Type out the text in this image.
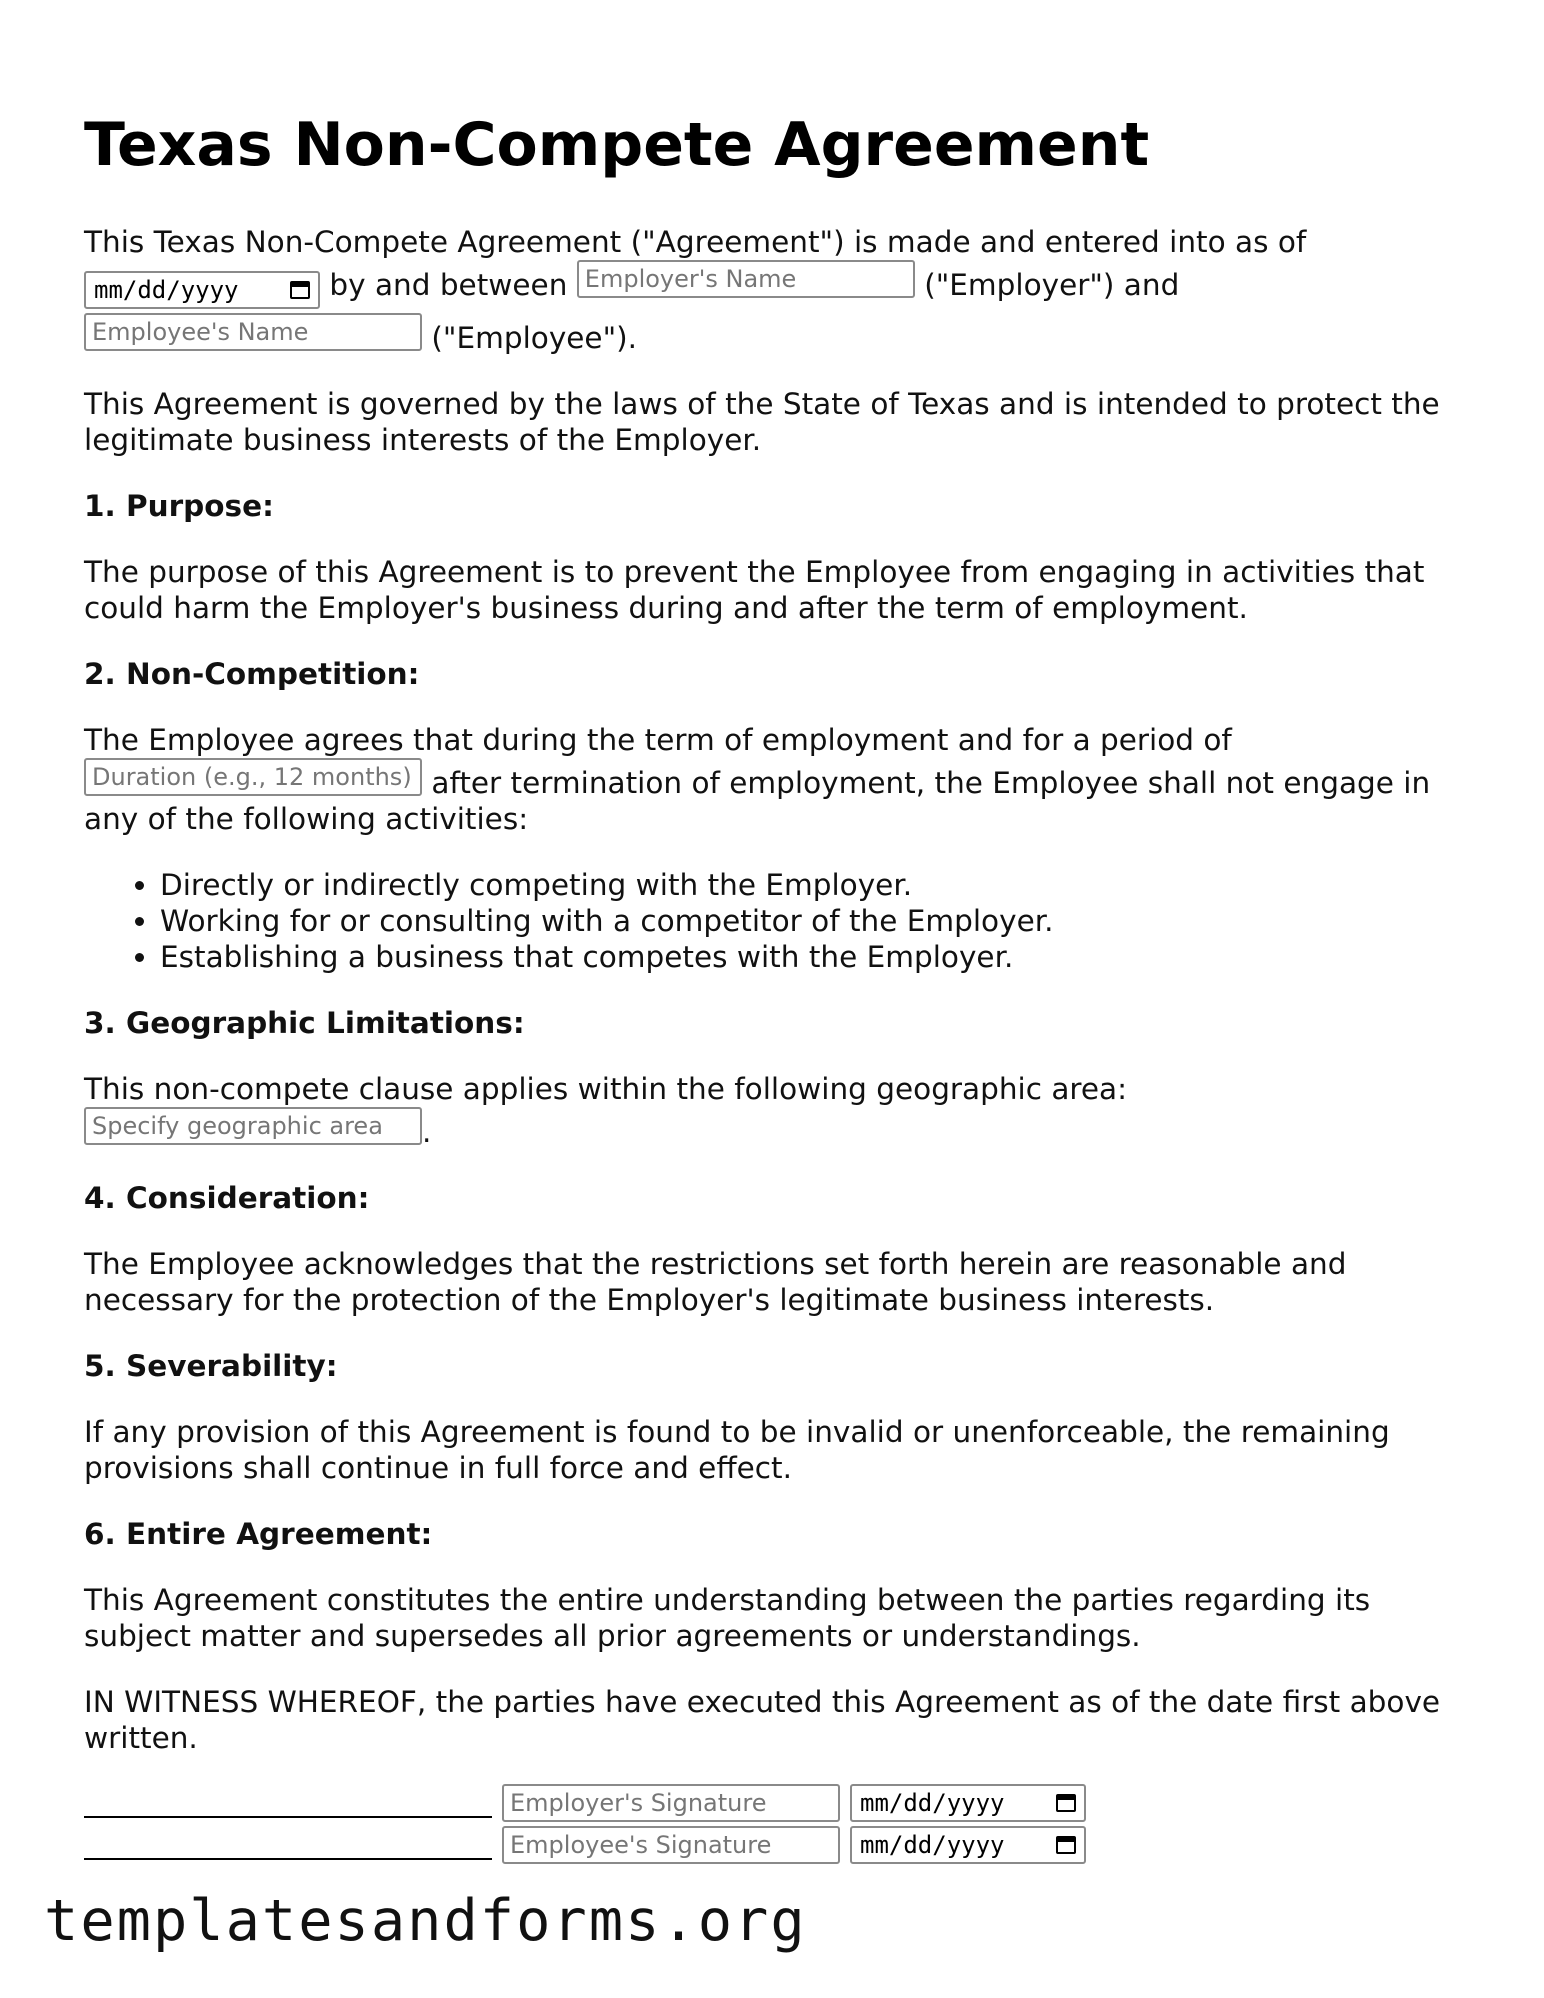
Texas Non-Compete Agreement

This Texas Non-Compete Agreement ("Agreement") is made and entered into as of

mm/dd/yyyy	by and between Employer's Name	("Employer") and
Employee's Name	("Employee").

This Agreement is governed by the laws of the State of Texas and is intended to protect the legitimate business interests of the Employer.

1. Purpose:

The purpose of this Agreement is to prevent the Employee from engaging in activities that could harm the Employer's business during and after the term of employment.

2. Non-Competition:

The Employee agrees that during the term of employment and for a period of
Duration (e.g., 12 months) after termination of employment, the Employee shall not engage in any of the following activities:

• Directly or indirectly competing with the Employer.
• Working for or consulting with a competitor of the Employer.
• Establishing a business that competes with the Employer.
3. Geographic Limitations:

This non-compete clause applies within the following geographic area:
Specify geographic area .

4. Consideration:

The Employee acknowledges that the restrictions set forth herein are reasonable and necessary for the protection of the Employer's legitimate business interests.

5. Severability:

If any provision of this Agreement is found to be invalid or unenforceable, the remaining provisions shall continue in full force and effect.

6. Entire Agreement:

This Agreement constitutes the entire understanding between the parties regarding its subject matter and supersedes all prior agreements or understandings.

IN WITNESS WHEREOF, the parties have executed this Agreement as of the date first above written.

Employer's Signature	mm/dd/yyyy
Employee's Signature	mm/dd/yyyy
templatesandforms.org
